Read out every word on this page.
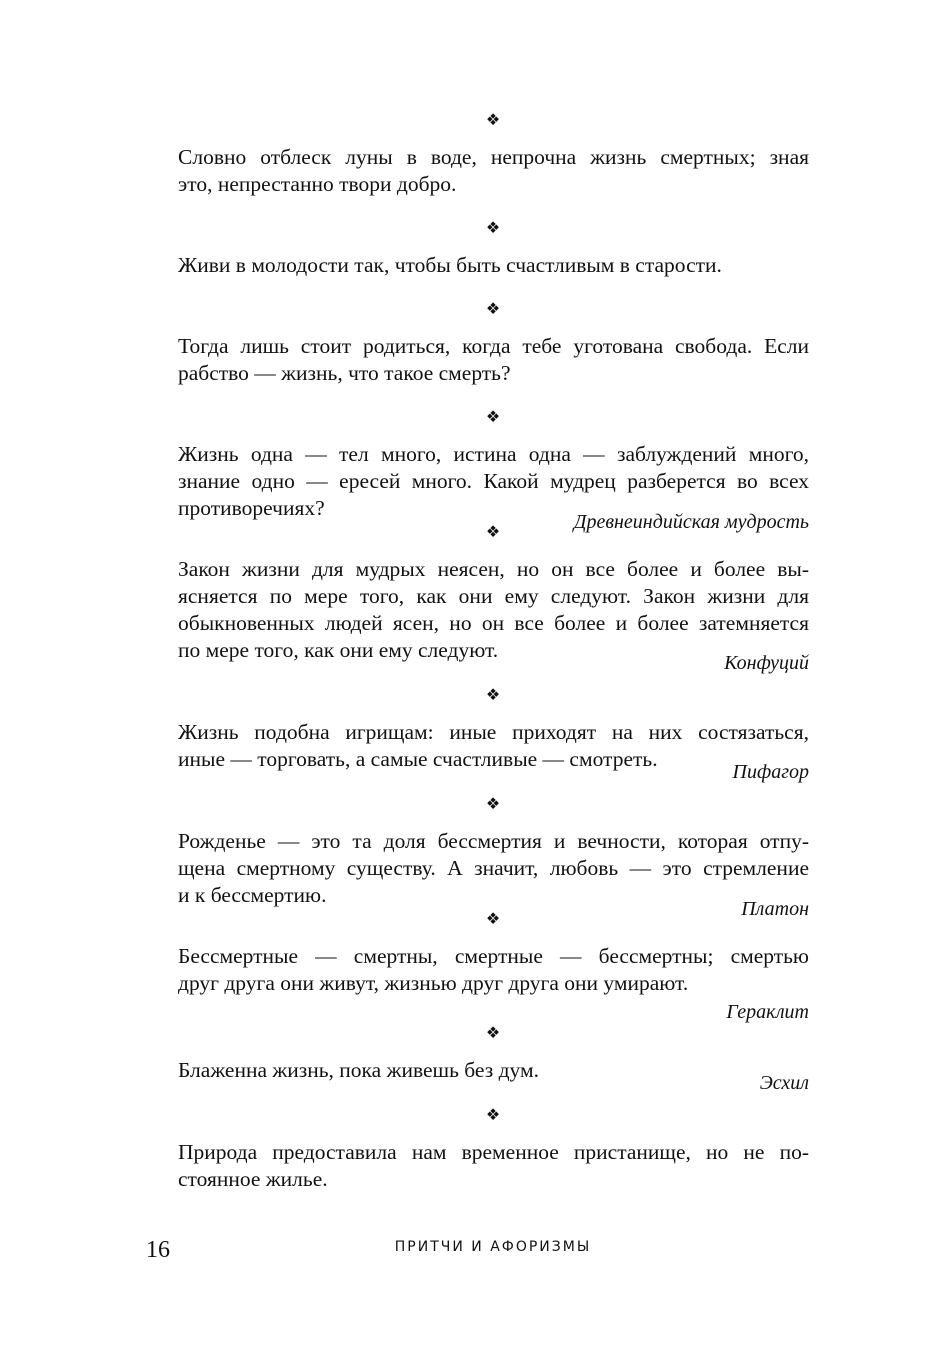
❖
❖
❖
❖
❖
❖
❖
❖
❖
❖
Словно отблеск луны в воде, непрочна жизнь смертных; зная
это, непрестанно твори добро.
Живи в молодости так, чтобы быть счастливым в старости.
Тогда лишь стоит родиться, когда тебе уготована свобода. Если
рабство — жизнь, что такое смерть?
Жизнь одна — тел много, истина одна — заблуждений много,
знание одно — ересей много. Какой мудрец разберется во всех
противоречиях?
Древнеиндийская мудрость
Закон жизни для мудрых неясен, но он все более и более вы-
ясняется по мере того, как они ему следуют. Закон жизни для
обыкновенных людей ясен, но он все более и более затемняется
по мере того, как они ему следуют.
Конфуций
Жизнь подобна игрищам: иные приходят на них состязаться,
иные — торговать, а самые счастливые — смотреть.
Пифагор
Рожденье — это та доля бессмертия и вечности, которая отпу-
щена смертному существу. А значит, любовь — это стремление
и к бессмертию.
Платон
Бессмертные — смертны, смертные — бессмертны; смертью
друг друга они живут, жизнью друг друга они умирают.
Гераклит
Блаженна жизнь, пока живешь без дум.
Эсхил
Природа предоставила нам временное пристанище, но не по-
стоянное жилье.
16	ПРИТЧИ И АФОРИЗМЫ
